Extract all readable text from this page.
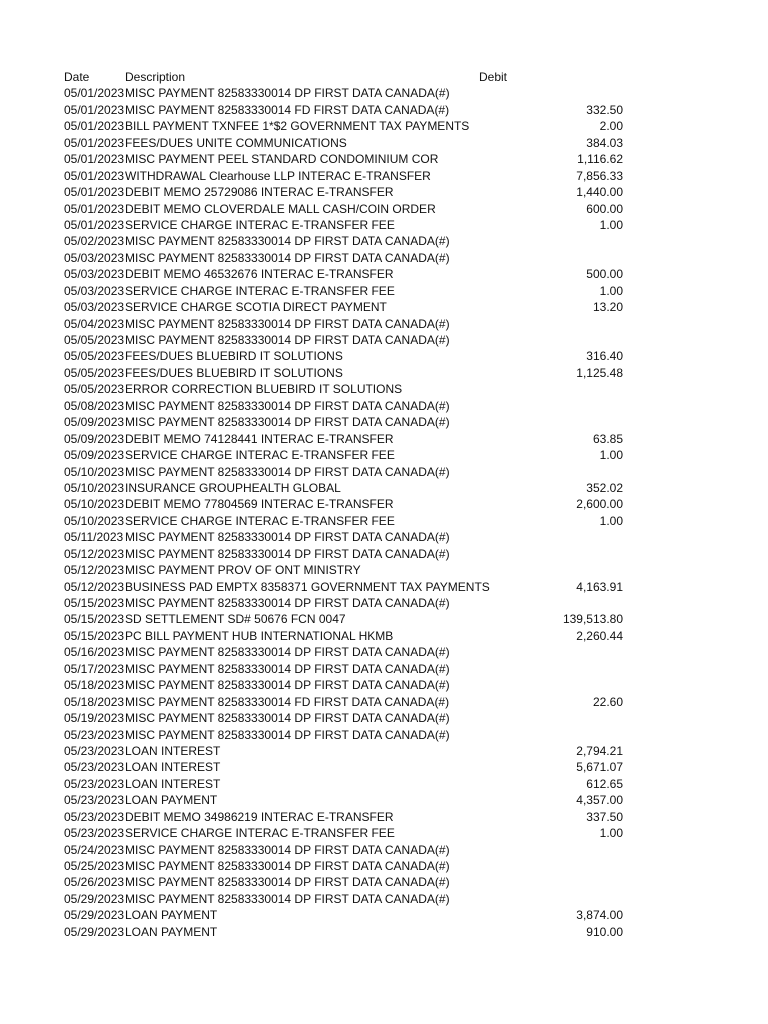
Date	Description	Debit
05/01/2023 MISC PAYMENT 82583330014 DP FIRST DATA CANADA(#)
05/01/2023 MISC PAYMENT 82583330014 FD FIRST DATA CANADA(#)	332.50
05/01/2023 BILL PAYMENT TXNFEE 1*$2 GOVERNMENT TAX PAYMENTS	2.00
05/01/2023 FEES/DUES UNITE COMMUNICATIONS	384.03
05/01/2023 MISC PAYMENT PEEL STANDARD CONDOMINIUM COR	1,116.62
05/01/2023 WITHDRAWAL Clearhouse LLP INTERAC E-TRANSFER	7,856.33
05/01/2023 DEBIT MEMO 25729086 INTERAC E-TRANSFER	1,440.00
05/01/2023 DEBIT MEMO CLOVERDALE MALL CASH/COIN ORDER	600.00
05/01/2023 SERVICE CHARGE INTERAC E-TRANSFER FEE	1.00
05/02/2023 MISC PAYMENT 82583330014 DP FIRST DATA CANADA(#)
05/03/2023 MISC PAYMENT 82583330014 DP FIRST DATA CANADA(#)
05/03/2023 DEBIT MEMO 46532676 INTERAC E-TRANSFER	500.00
05/03/2023 SERVICE CHARGE INTERAC E-TRANSFER FEE	1.00
05/03/2023 SERVICE CHARGE SCOTIA DIRECT PAYMENT	13.20
05/04/2023 MISC PAYMENT 82583330014 DP FIRST DATA CANADA(#)
05/05/2023 MISC PAYMENT 82583330014 DP FIRST DATA CANADA(#)
05/05/2023 FEES/DUES BLUEBIRD IT SOLUTIONS	316.40
05/05/2023 FEES/DUES BLUEBIRD IT SOLUTIONS	1,125.48
05/05/2023 ERROR CORRECTION BLUEBIRD IT SOLUTIONS
05/08/2023 MISC PAYMENT 82583330014 DP FIRST DATA CANADA(#)
05/09/2023 MISC PAYMENT 82583330014 DP FIRST DATA CANADA(#)
05/09/2023 DEBIT MEMO 74128441 INTERAC E-TRANSFER	63.85
05/09/2023 SERVICE CHARGE INTERAC E-TRANSFER FEE	1.00
05/10/2023 MISC PAYMENT 82583330014 DP FIRST DATA CANADA(#)
05/10/2023 INSURANCE GROUPHEALTH GLOBAL	352.02
05/10/2023 DEBIT MEMO 77804569 INTERAC E-TRANSFER	2,600.00
05/10/2023 SERVICE CHARGE INTERAC E-TRANSFER FEE	1.00
05/11/2023 MISC PAYMENT 82583330014 DP FIRST DATA CANADA(#)
05/12/2023 MISC PAYMENT 82583330014 DP FIRST DATA CANADA(#)
05/12/2023 MISC PAYMENT PROV OF ONT MINISTRY
05/12/2023 BUSINESS PAD EMPTX 8358371 GOVERNMENT TAX PAYMENTS	4,163.91
05/15/2023 MISC PAYMENT 82583330014 DP FIRST DATA CANADA(#)
05/15/2023 SD SETTLEMENT SD# 50676 FCN 0047	139,513.80
05/15/2023 PC BILL PAYMENT HUB INTERNATIONAL HKMB	2,260.44
05/16/2023 MISC PAYMENT 82583330014 DP FIRST DATA CANADA(#)
05/17/2023 MISC PAYMENT 82583330014 DP FIRST DATA CANADA(#)
05/18/2023 MISC PAYMENT 82583330014 DP FIRST DATA CANADA(#)
05/18/2023 MISC PAYMENT 82583330014 FD FIRST DATA CANADA(#)	22.60
05/19/2023 MISC PAYMENT 82583330014 DP FIRST DATA CANADA(#)
05/23/2023 MISC PAYMENT 82583330014 DP FIRST DATA CANADA(#)
05/23/2023 LOAN INTEREST	2,794.21
05/23/2023 LOAN INTEREST	5,671.07
05/23/2023 LOAN INTEREST	612.65
05/23/2023 LOAN PAYMENT	4,357.00
05/23/2023 DEBIT MEMO 34986219 INTERAC E-TRANSFER	337.50
05/23/2023 SERVICE CHARGE INTERAC E-TRANSFER FEE	1.00
05/24/2023 MISC PAYMENT 82583330014 DP FIRST DATA CANADA(#)
05/25/2023 MISC PAYMENT 82583330014 DP FIRST DATA CANADA(#)
05/26/2023 MISC PAYMENT 82583330014 DP FIRST DATA CANADA(#)
05/29/2023 MISC PAYMENT 82583330014 DP FIRST DATA CANADA(#)
05/29/2023 LOAN PAYMENT	3,874.00
05/29/2023 LOAN PAYMENT	910.00
